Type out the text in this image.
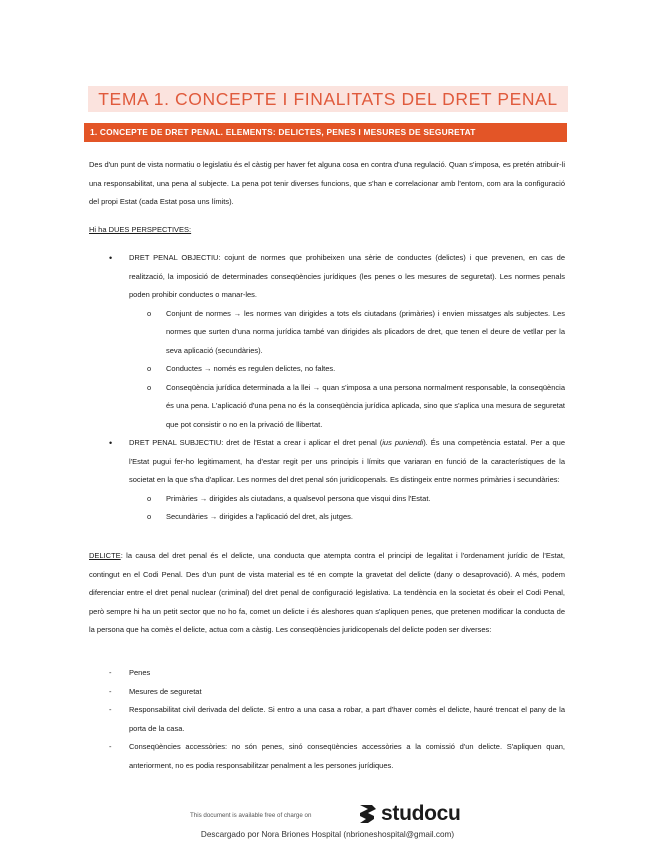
TEMA 1. CONCEPTE I FINALITATS DEL DRET PENAL
1. CONCEPTE DE DRET PENAL. ELEMENTS: DELICTES, PENES I MESURES DE SEGURETAT

Des d'un punt de vista normatiu o legislatiu és el càstig per haver fet alguna cosa en contra d'una regulació. Quan s'imposa, es pretén atribuir-li una responsabilitat, una pena al subjecte. La pena pot tenir diverses funcions, que s'han e correlacionar amb l'entorn, com ara la configuració del propi Estat (cada Estat posa uns límits).

Hi ha DUES PERSPECTIVES:

• DRET PENAL OBJECTIU: cojunt de normes que prohibeixen una sèrie de conductes (delictes) i que prevenen, en cas de realització, la imposició de determinades conseqüències jurídiques (les penes o les mesures de seguretat). Les normes penals poden prohibir conductes o manar-les.
o Conjunt de normes → les normes van dirigides a tots els ciutadans (primàries) i envien missatges als subjectes. Les normes que surten d'una norma jurídica també van dirigides als plicadors de dret, que tenen el deure de vetllar per la seva aplicació (secundàries).
o Conductes → només es regulen delictes, no faltes.
o Conseqüència jurídica determinada a la llei → quan s'imposa a una persona normalment responsable, la conseqüència és una pena. L'aplicació d'una pena no és la conseqüència jurídica aplicada, sino que s'aplica una mesura de seguretat que pot consistir o no en la privació de llibertat.
• DRET PENAL SUBJECTIU: dret de l'Estat a crear i aplicar el dret penal (ius puniendi). És una competència estatal. Per a que l'Estat pugui fer-ho legitimament, ha d'estar regit per uns principis i límits que variaran en funció de la característiques de la societat en la que s'ha d'aplicar. Les normes del dret penal són juridicopenals. Es distingeix entre normes primàries i secundàries:
o Primàries → dirigides als ciutadans, a qualsevol persona que visqui dins l'Estat.
o Secundàries → dirigides a l'aplicació del dret, als jutges.

DELICTE: la causa del dret penal és el delicte, una conducta que atempta contra el principi de legalitat i l'ordenament jurídic de l'Estat, contingut en el Codi Penal. Des d'un punt de vista material es té en compte la gravetat del delicte (dany o desaprovació). A més, podem diferenciar entre el dret penal nuclear (criminal) del dret penal de configuració legislativa. La tendència en la societat és obeir el Codi Penal, però sempre hi ha un petit sector que no ho fa, comet un delicte i és aleshores quan s'apliquen penes, que pretenen modificar la conducta de la persona que ha comès el delicte, actua com a càstig. Les conseqüències juridicopenals del delicte poden ser diverses:

- Penes
- Mesures de seguretat
- Responsabilitat civil derivada del delicte. Si entro a una casa a robar, a part d'haver comès el delicte, hauré trencat el pany de la porta de la casa.
- Conseqüències accessòries: no són penes, sinó conseqüències accessòries a la comissió d'un delicte. S'apliquen quan, anteriorment, no es podia responsabilitzar penalment a les persones jurídiques.
This document is available free of charge on	studocu
Descargado por Nora Briones Hospital (nbrioneshospital@gmail.com)
